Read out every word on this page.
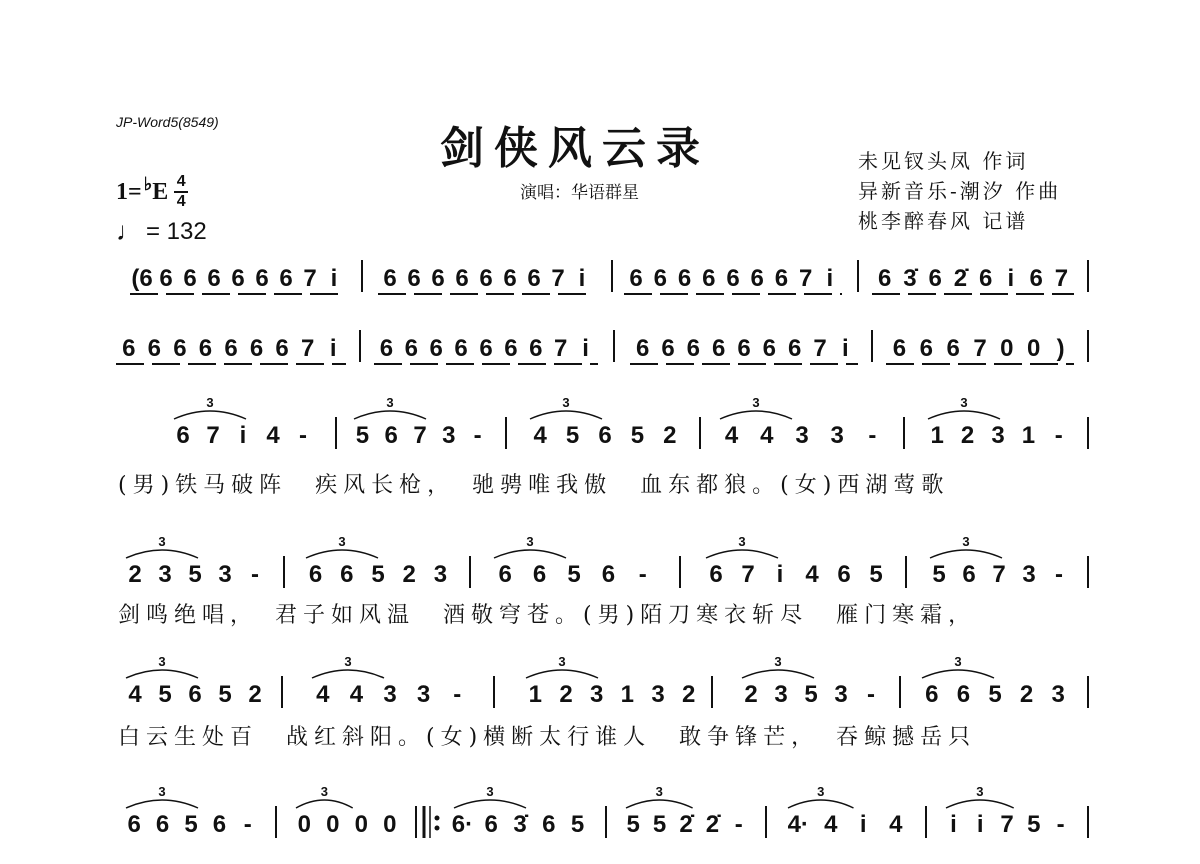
JP-Word5(8549)
剑侠风云录
演唱：华语群星
未见钗头凤 作词
异新音乐-潮汐 作曲
桃李醉春风 记谱
1= ♭ E 4
4
♩ = 132
(6 6 6 6 6 6 6 7 i 6 6 6 6 6 6 6 7 i 6 6 6 6 6 6 6 7 i 6 3̇ 6 2̇ 6 i 6 7
6 6 6 6 6 6 6 7 i 6 6 6 6 6 6 6 7 i 6 6 6 6 6 6 6 7 i 6 6 6 7 0 0 )
6 7 i 4 -
3
5 6 7 3 -
3
4 5 6 5 2
3
4 4 3 3 -
3
1 2 3 1 -
3
(男)铁马破阵　疾风长枪，　驰骋唯我傲　血东都狼。(女)西湖莺歌
2 3 5 3 -
3
6 6 5 2 3
3
6 6 5 6 -
3
6 7 i 4 6 5
3
5 6 7 3 -
3
剑鸣绝唱，　君子如风温　酒敬穹苍。(男)陌刀寒衣斩尽　雁门寒霜，
4 5 6 5 2
3
4 4 3 3 -
3
1 2 3 1 3 2
3
2 3 5 3 -
3
6 6 5 2 3
3
白云生处百　战红斜阳。(女)横断太行谁人　敢争锋芒，　吞鲸撼岳只
6 6 5 6 -
3
0 0 0 0
3
6· 6 3̇ 6 5
3
5 5 2̇ 2̇ -
3
4· 4 i 4
3
i i 7 5 -
3
